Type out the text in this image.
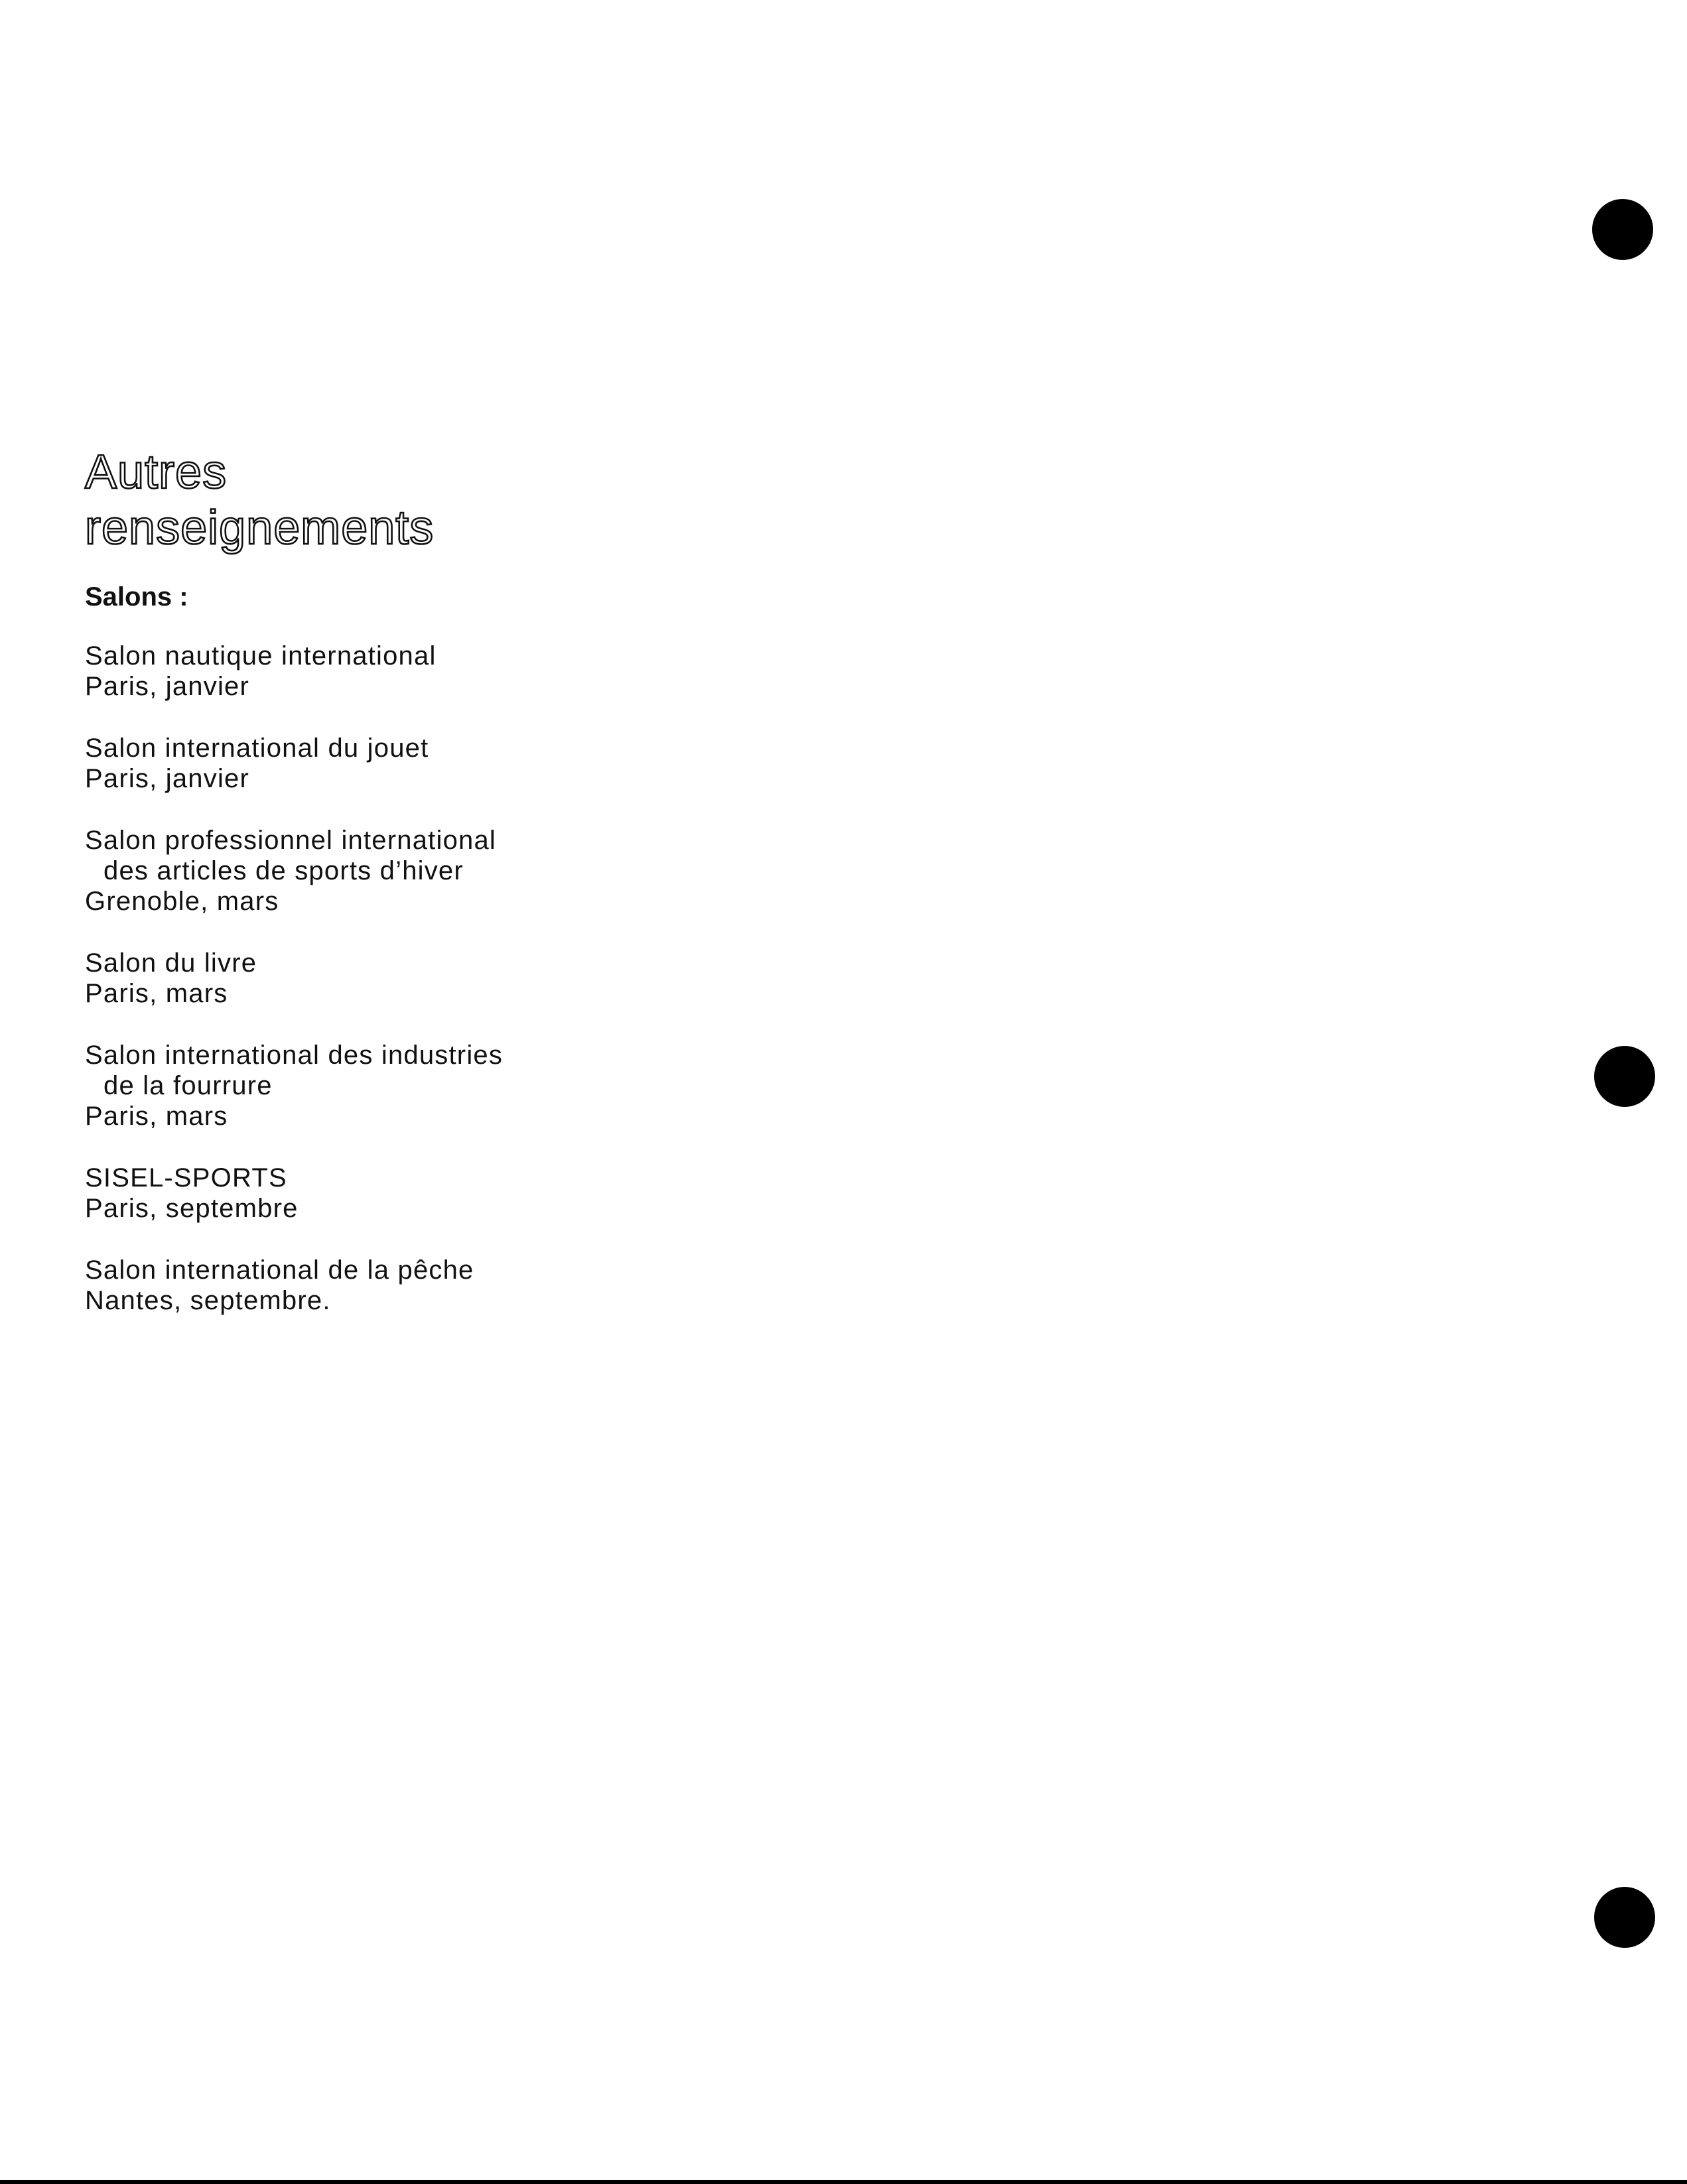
Autres
renseignements

Salons :

Salon nautique international
Paris, janvier
Salon international du jouet
Paris, janvier
Salon professionnel international
des articles de sports d’hiver
Grenoble, mars
Salon du livre
Paris, mars
Salon international des industries
de la fourrure
Paris, mars
SISEL-SPORTS
Paris, septembre
Salon international de la pêche
Nantes, septembre.
